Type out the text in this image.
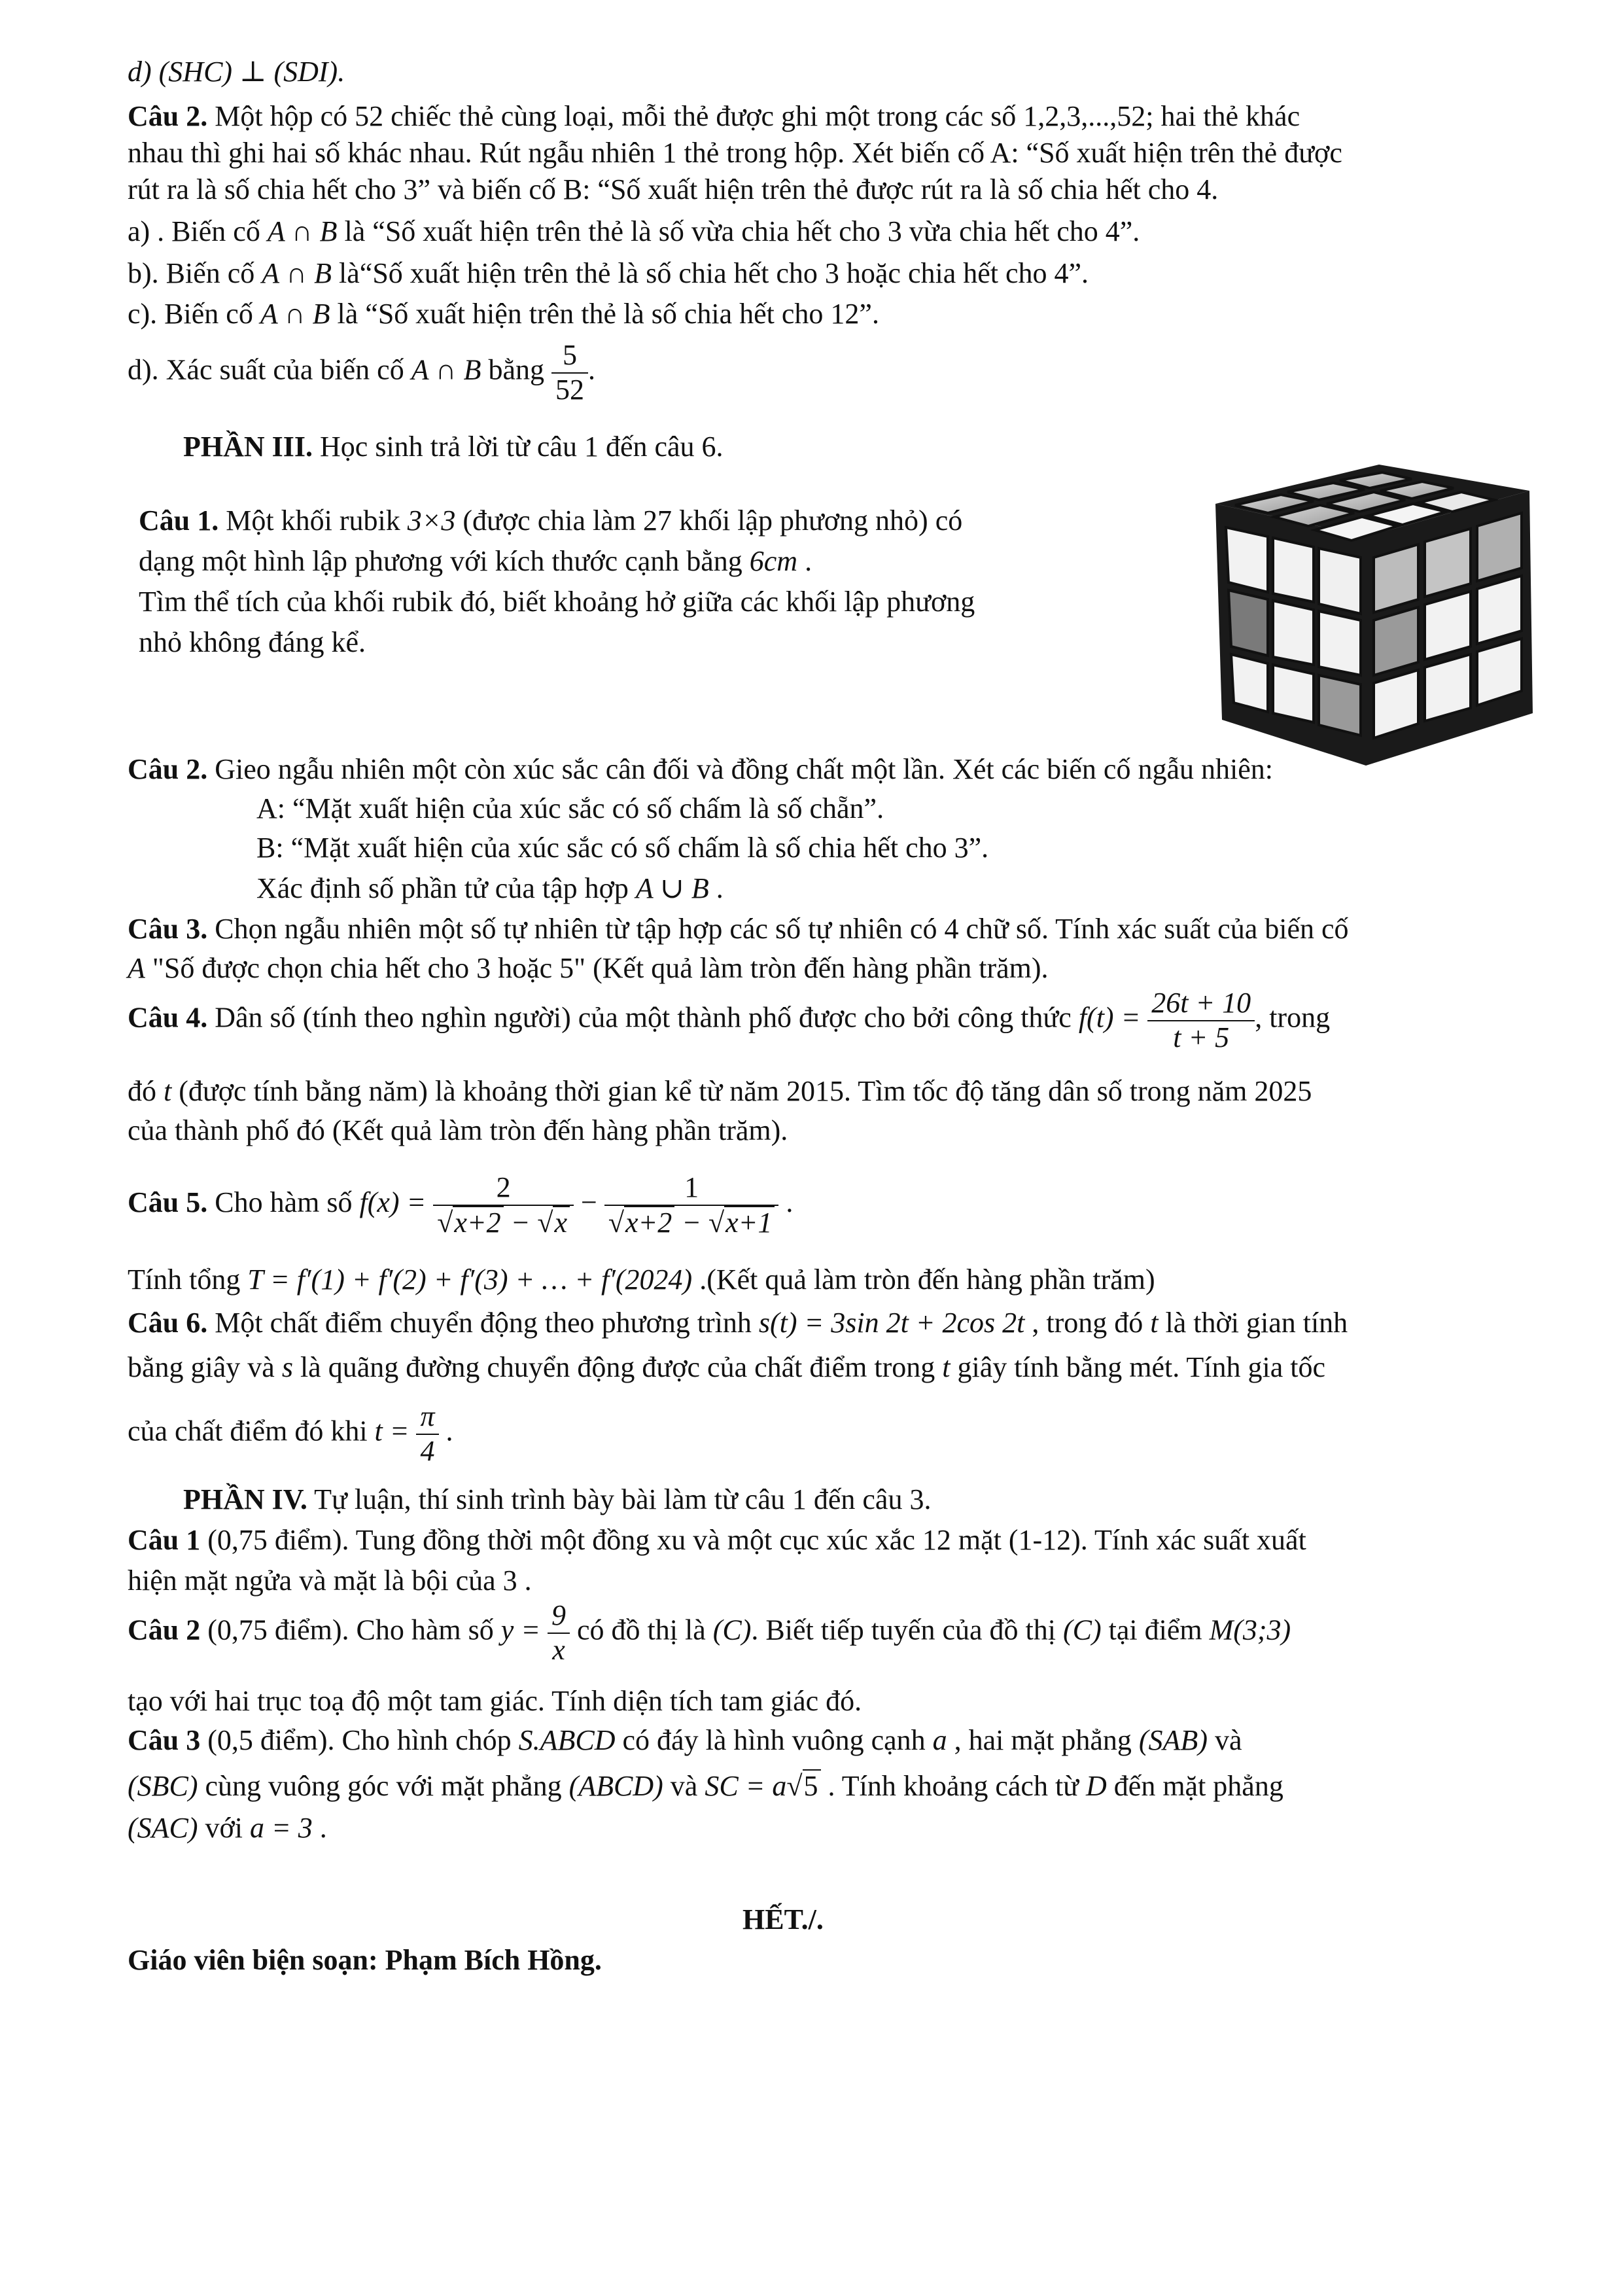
d) (SHC) ⊥ (SDI).
Câu 2. Một hộp có 52 chiếc thẻ cùng loại, mỗi thẻ được ghi một trong các số 1,2,3,...,52; hai thẻ khác
nhau thì ghi hai số khác nhau. Rút ngẫu nhiên 1 thẻ trong hộp. Xét biến cố A: “Số xuất hiện trên thẻ được
rút ra là số chia hết cho 3” và biến cố B: “Số xuất hiện trên thẻ được rút ra là số chia hết cho 4.
a) . Biến cố A ∩ B là “Số xuất hiện trên thẻ là số vừa chia hết cho 3 vừa chia hết cho 4”.
b). Biến cố A ∩ B là“Số xuất hiện trên thẻ là số chia hết cho 3 hoặc chia hết cho 4”.
c). Biến cố A ∩ B là “Số xuất hiện trên thẻ là số chia hết cho 12”.
d). Xác suất của biến cố A ∩ B bằng $\frac{5}{52}$ .
PHẦN III. Học sinh trả lời từ câu 1 đến câu 6.
Câu 1. Một khối rubik 3×3 (được chia làm 27 khối lập phương nhỏ) có
dạng một hình lập phương với kích thước cạnh bằng 6cm .
Tìm thể tích của khối rubik đó, biết khoảng hở giữa các khối lập phương
nhỏ không đáng kể.
Câu 2. Gieo ngẫu nhiên một còn xúc sắc cân đối và đồng chất một lần. Xét các biến cố ngẫu nhiên:
A: “Mặt xuất hiện của xúc sắc có số chấm là số chẵn”.
B: “Mặt xuất hiện của xúc sắc có số chấm là số chia hết cho 3”.
Xác định số phần tử của tập hợp A ∪ B .
Câu 3. Chọn ngẫu nhiên một số tự nhiên từ tập hợp các số tự nhiên có 4 chữ số. Tính xác suất của biến cố
A "Số được chọn chia hết cho 3 hoặc 5" (Kết quả làm tròn đến hàng phần trăm).
Câu 4. Dân số (tính theo nghìn người) của một thành phố được cho bởi công thức $f(t) = \frac{26t + 10}{t + 5}$ , trong
đó t (được tính bằng năm) là khoảng thời gian kể từ năm 2015. Tìm tốc độ tăng dân số trong năm 2025
của thành phố đó (Kết quả làm tròn đến hàng phần trăm).
Câu 5. Cho hàm số $f(x) = \frac{2}{√x+2 - √x} - \frac{1}{√x+2 - √x+1}$ .
Tính tổng T = f′(1) + f′(2) + f′(3) + … + f′(2024) .(Kết quả làm tròn đến hàng phần trăm)
Câu 6. Một chất điểm chuyển động theo phương trình s(t) = 3sin 2t + 2cos 2t , trong đó t là thời gian tính
bằng giây và s là quãng đường chuyển động được của chất điểm trong t giây tính bằng mét. Tính gia tốc
của chất điểm đó khi $t = \frac{\pi}{4}$ .
PHẦN IV. Tự luận, thí sinh trình bày bài làm từ câu 1 đến câu 3.
Câu 1 (0,75 điểm). Tung đồng thời một đồng xu và một cục xúc xắc 12 mặt (1-12). Tính xác suất xuất
hiện mặt ngửa và mặt là bội của 3 .
Câu 2 (0,75 điểm). Cho hàm số $y = \frac{9}{x}$ có đồ thị là (C). Biết tiếp tuyến của đồ thị (C) tại điểm M(3;3)
tạo với hai trục toạ độ một tam giác. Tính diện tích tam giác đó.
Câu 3 (0,5 điểm). Cho hình chóp S.ABCD có đáy là hình vuông cạnh a , hai mặt phẳng (SAB) và
(SBC) cùng vuông góc với mặt phẳng (ABCD) và SC = a√5 . Tính khoảng cách từ D đến mặt phẳng
(SAC) với a = 3 .
HẾT./.
Giáo viên biện soạn: Phạm Bích Hồng.
